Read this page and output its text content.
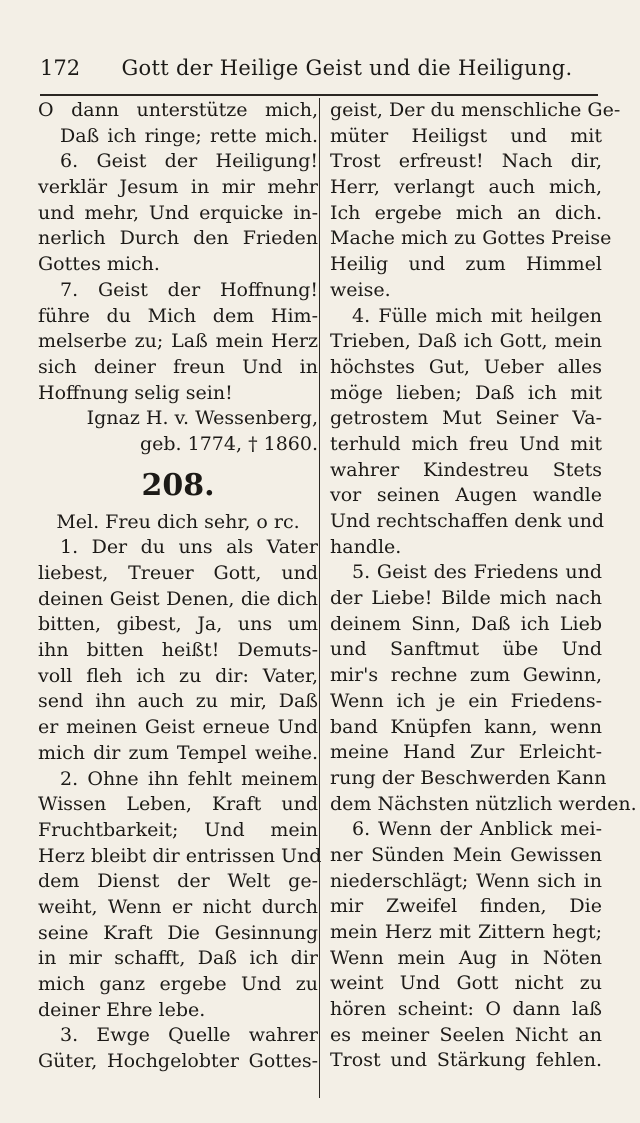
172	Gott der Heilige Geist und die Heiligung.
O dann unterstütze mich,
Daß ich ringe; rette mich.
6. Geist der Heiligung!
verklär Jesum in mir mehr
und mehr, Und erquicke in-
nerlich Durch den Frieden
Gottes mich.
7. Geist der Hoffnung!
führe du Mich dem Him-
melserbe zu; Laß mein Herz
sich deiner freun Und in
Hoffnung selig sein!
Ignaz H. v. Wessenberg,
geb. 1774, † 1860.
208.
Mel. Freu dich sehr, o rc.
1. Der du uns als Vater
liebest, Treuer Gott, und
deinen Geist Denen, die dich
bitten, gibest, Ja, uns um
ihn bitten heißt! Demuts-
voll fleh ich zu dir: Vater,
send ihn auch zu mir, Daß
er meinen Geist erneue Und
mich dir zum Tempel weihe.
2. Ohne ihn fehlt meinem
Wissen Leben, Kraft und
Fruchtbarkeit; Und mein
Herz bleibt dir entrissen Und
dem Dienst der Welt ge-
weiht, Wenn er nicht durch
seine Kraft Die Gesinnung
in mir schafft, Daß ich dir
mich ganz ergebe Und zu
deiner Ehre lebe.
3. Ewge Quelle wahrer
Güter, Hochgelobter Gottes-
geist, Der du menschliche Ge-
müter Heiligst und mit
Trost erfreust! Nach dir,
Herr, verlangt auch mich,
Ich ergebe mich an dich.
Mache mich zu Gottes Preise
Heilig und zum Himmel
weise.
4. Fülle mich mit heilgen
Trieben, Daß ich Gott, mein
höchstes Gut, Ueber alles
möge lieben; Daß ich mit
getrostem Mut Seiner Va-
terhuld mich freu Und mit
wahrer Kindestreu Stets
vor seinen Augen wandle
Und rechtschaffen denk und
handle.
5. Geist des Friedens und
der Liebe! Bilde mich nach
deinem Sinn, Daß ich Lieb
und Sanftmut übe Und
mir's rechne zum Gewinn,
Wenn ich je ein Friedens-
band Knüpfen kann, wenn
meine Hand Zur Erleicht-
rung der Beschwerden Kann
dem Nächsten nützlich werden.
6. Wenn der Anblick mei-
ner Sünden Mein Gewissen
niederschlägt; Wenn sich in
mir Zweifel finden, Die
mein Herz mit Zittern hegt;
Wenn mein Aug in Nöten
weint Und Gott nicht zu
hören scheint: O dann laß
es meiner Seelen Nicht an
Trost und Stärkung fehlen.
